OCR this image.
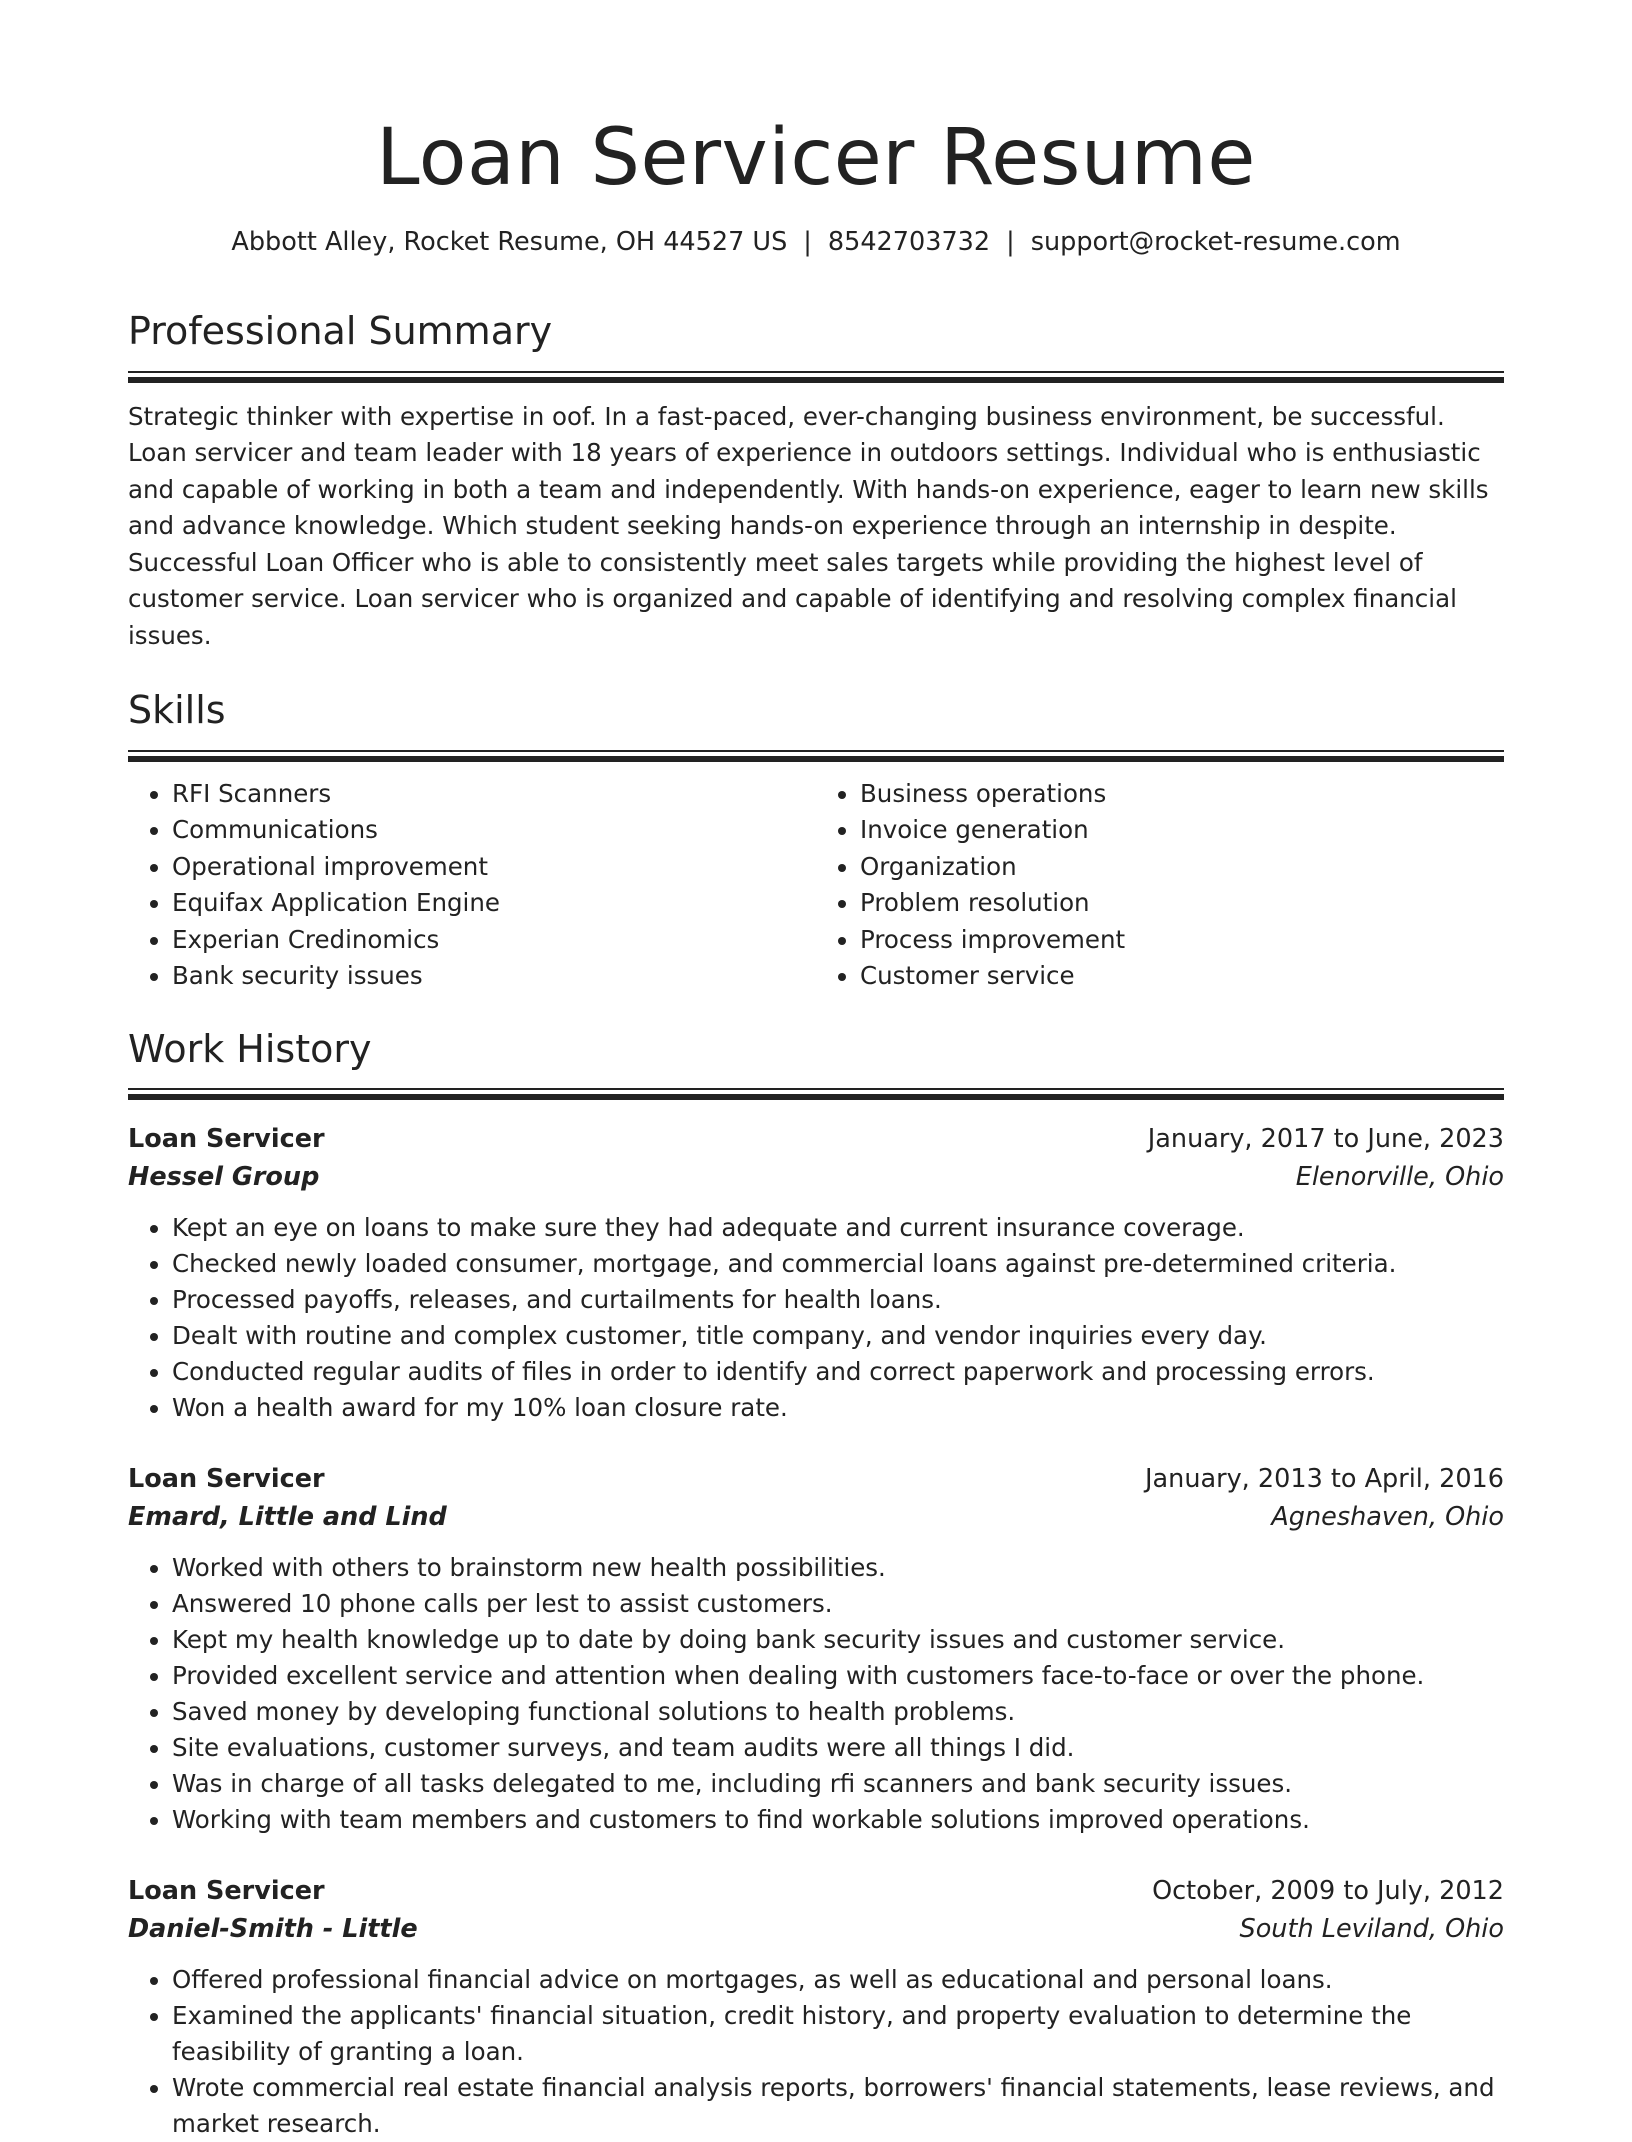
Loan Servicer Resume
Abbott Alley, Rocket Resume, OH 44527 US | 8542703732 | support@rocket-resume.com
Professional Summary

Strategic thinker with expertise in oof. In a fast-paced, ever-changing business environment, be successful. Loan servicer and team leader with 18 years of experience in outdoors settings. Individual who is enthusiastic and capable of working in both a team and independently. With hands-on experience, eager to learn new skills and advance knowledge. Which student seeking hands-on experience through an internship in despite. Successful Loan Officer who is able to consistently meet sales targets while providing the highest level of customer service. Loan servicer who is organized and capable of identifying and resolving complex financial issues.

Skills
• RFI Scanners
• Communications
• Operational improvement
• Equifax Application Engine
• Experian Credinomics
• Bank security issues
• Business operations
• Invoice generation
• Organization
• Problem resolution
• Process improvement
• Customer service
Work History
Loan Servicer	January, 2017 to June, 2023
Hessel Group	Elenorville, Ohio
• Kept an eye on loans to make sure they had adequate and current insurance coverage.
• Checked newly loaded consumer, mortgage, and commercial loans against pre-determined criteria.
• Processed payoffs, releases, and curtailments for health loans.
• Dealt with routine and complex customer, title company, and vendor inquiries every day.
• Conducted regular audits of files in order to identify and correct paperwork and processing errors.
• Won a health award for my 10% loan closure rate.
Loan Servicer	January, 2013 to April, 2016
Emard, Little and Lind	Agneshaven, Ohio
• Worked with others to brainstorm new health possibilities.
• Answered 10 phone calls per lest to assist customers.
• Kept my health knowledge up to date by doing bank security issues and customer service.
• Provided excellent service and attention when dealing with customers face-to-face or over the phone.
• Saved money by developing functional solutions to health problems.
• Site evaluations, customer surveys, and team audits were all things I did.
• Was in charge of all tasks delegated to me, including rfi scanners and bank security issues.
• Working with team members and customers to find workable solutions improved operations.
Loan Servicer	October, 2009 to July, 2012
Daniel-Smith - Little	South Leviland, Ohio
• Offered professional financial advice on mortgages, as well as educational and personal loans.
• Examined the applicants' financial situation, credit history, and property evaluation to determine the feasibility of granting a loan.
• Wrote commercial real estate financial analysis reports, borrowers' financial statements, lease reviews, and market research.
